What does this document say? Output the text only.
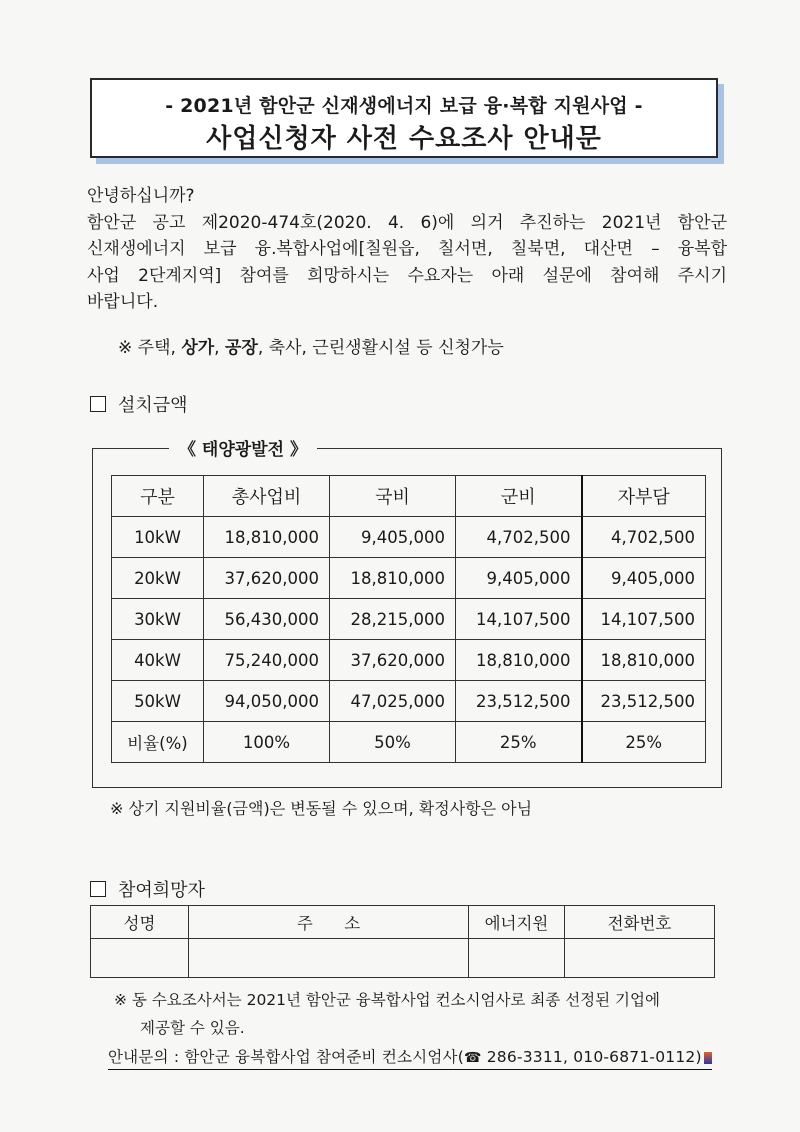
- 2021년 함안군 신재생에너지 보급 융·복합 지원사업 -
사업신청자 사전 수요조사 안내문

안녕하십니까?

함안군 공고 제2020-474호(2020. 4. 6)에 의거 추진하는 2021년 함안군

신재생에너지 보급 융.복합사업에[칠원읍, 칠서면, 칠북면, 대산면 – 융복합

사업 2단계지역] 참여를 희망하시는 수요자는 아래 설문에 참여해 주시기

바랍니다.

※ 주택, 상가, 공장, 축사, 근린생활시설 등 신청가능
설치금액
《 태양광발전 》
구분	총사업비	국비	군비	자부담
10kW	18,810,000	9,405,000	4,702,500	4,702,500
20kW	37,620,000	18,810,000	9,405,000	9,405,000
30kW	56,430,000	28,215,000	14,107,500	14,107,500
40kW	75,240,000	37,620,000	18,810,000	18,810,000
50kW	94,050,000	47,025,000	23,512,500	23,512,500
비율(%)	100%	50%	25%	25%
※ 상기 지원비율(금액)은 변동될 수 있으며, 확정사항은 아님
참여희망자
성명	주      소	에너지원	전화번호

※ 동 수요조사서는 2021년 함안군 융복합사업 컨소시엄사로 최종 선정된 기업에
제공할 수 있음.
안내문의 : 함안군 융복합사업 참여준비 컨소시엄사(☎ 286-3311, 010-6871-0112)
